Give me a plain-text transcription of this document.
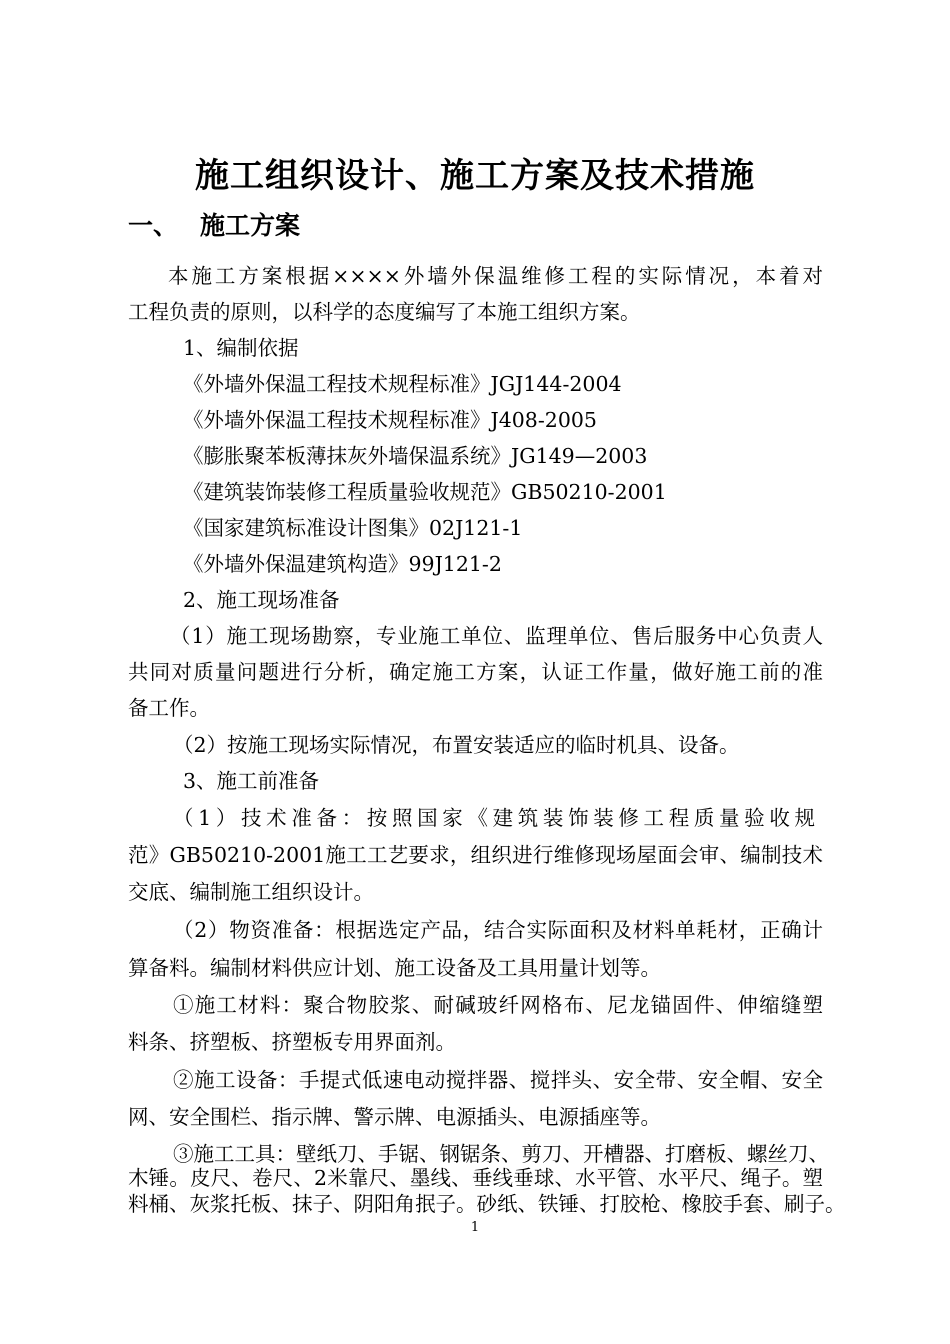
施工组织设计、施工方案及技术措施
一、 施工方案
本施工方案根据××××外墙外保温维修工程的实际情况，本着对
工程负责的原则，以科学的态度编写了本施工组织方案。
1、编制依据
《外墙外保温工程技术规程标准》JGJ144-2004
《外墙外保温工程技术规程标准》J408-2005
《膨胀聚苯板薄抹灰外墙保温系统》JG149—2003
《建筑装饰装修工程质量验收规范》GB50210-2001
《国家建筑标准设计图集》02J121-1
《外墙外保温建筑构造》99J121-2
2、施工现场准备
（1）施工现场勘察，专业施工单位、监理单位、售后服务中心负责人
共同对质量问题进行分析，确定施工方案，认证工作量，做好施工前的准
备工作。
（2）按施工现场实际情况，布置安装适应的临时机具、设备。
3、施工前准备
（1）技术准备：按照国家《建筑装饰装修工程质量验收规
范》GB50210-2001施工工艺要求，组织进行维修现场屋面会审、编制技术
交底、编制施工组织设计。
（2）物资准备：根据选定产品，结合实际面积及材料单耗材，正确计
算备料。编制材料供应计划、施工设备及工具用量计划等。
①施工材料：聚合物胶浆、耐碱玻纤网格布、尼龙锚固件、伸缩缝塑
料条、挤塑板、挤塑板专用界面剂。
②施工设备：手提式低速电动搅拌器、搅拌头、安全带、安全帽、安全
网、安全围栏、指示牌、警示牌、电源插头、电源插座等。
③施工工具：壁纸刀、手锯、钢锯条、剪刀、开槽器、打磨板、螺丝刀、
木锤。皮尺、卷尺、2米靠尺、墨线、垂线垂球、水平管、水平尺、绳子。塑
料桶、灰浆托板、抹子、阴阳角抿子。砂纸、铁锤、打胶枪、橡胶手套、刷子。
1
